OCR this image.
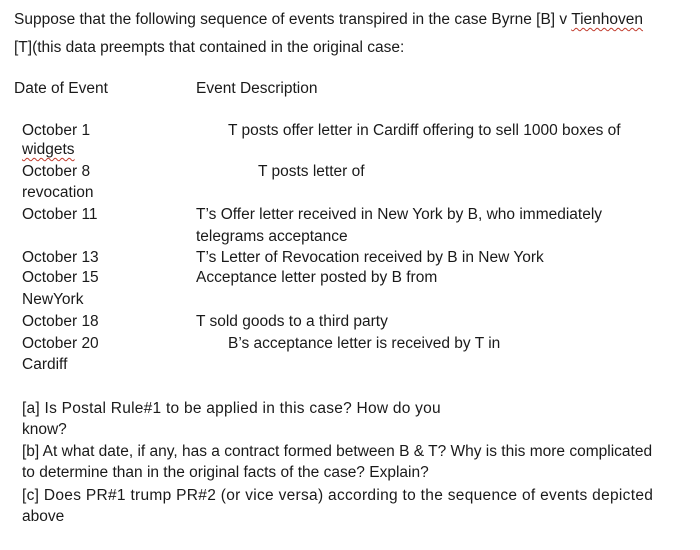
Suppose that the following sequence of events transpired in the case Byrne [B] v Tienhoven
[T](this data preempts that contained in the original case:
Date of Event	Event Description
October 1	T posts offer letter in Cardiff offering to sell 1000 boxes of
widgets
October 8	T posts letter of
revocation
October 11	T’s Offer letter received in New York by B, who immediately
telegrams acceptance
October 13	T’s Letter of Revocation received by B in New York
October 15	Acceptance letter posted by B from
NewYork
October 18	T sold goods to a third party
October 20	B’s acceptance letter is received by T in
Cardiff
[a] Is Postal Rule#1 to be applied in this case? How do you
know?
[b] At what date, if any, has a contract formed between B & T? Why is this more complicated
to determine than in the original facts of the case? Explain?
[c] Does PR#1 trump PR#2 (or vice versa) according to the sequence of events depicted
above
